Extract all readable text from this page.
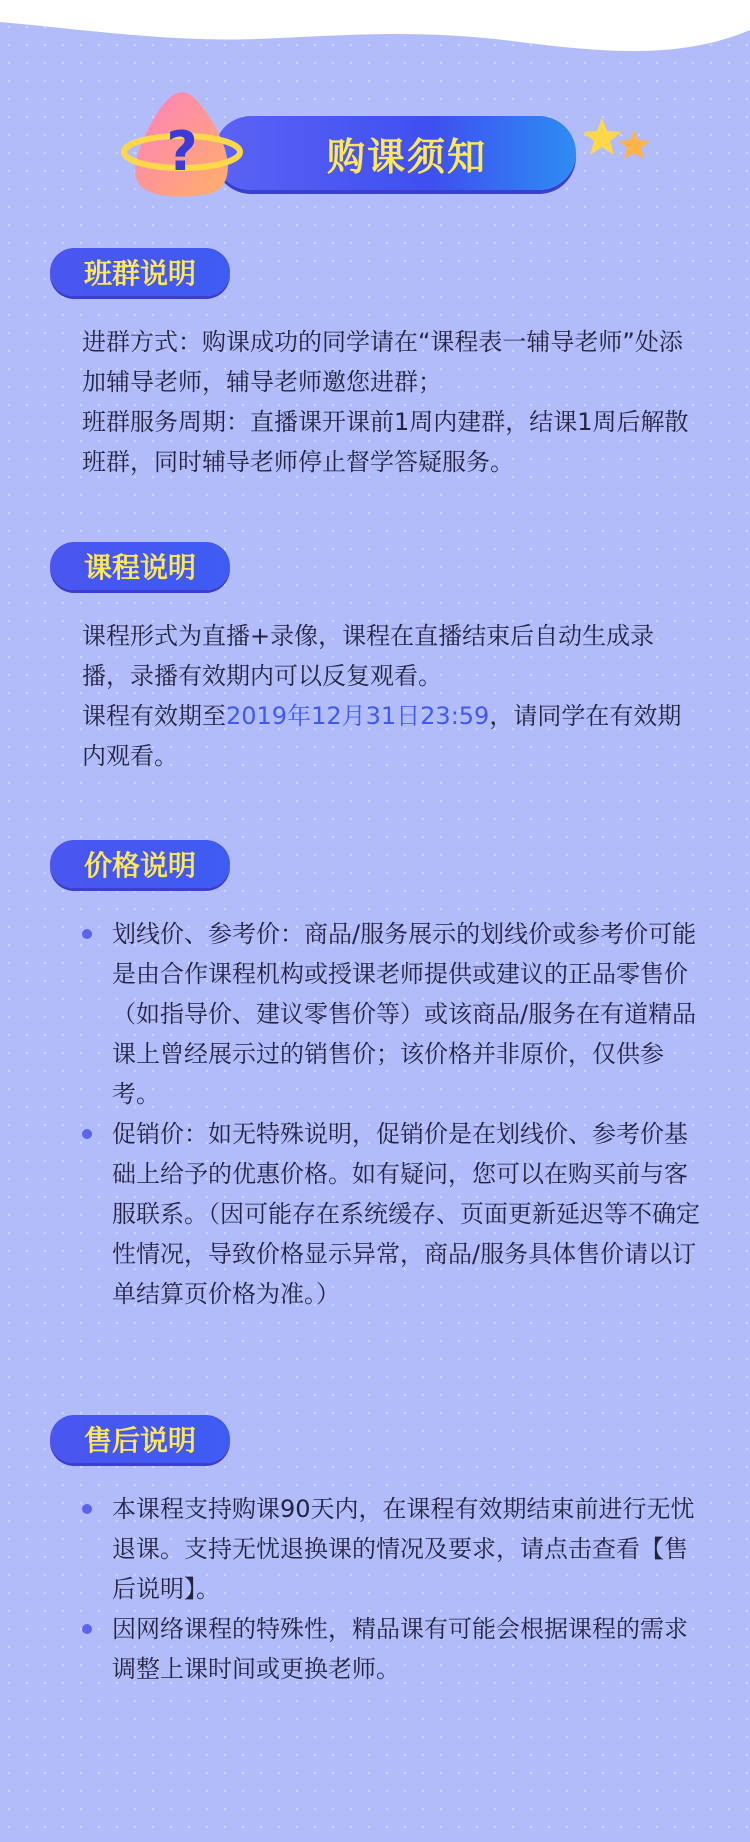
购课须知
?
班群说明

进群方式：购课成功的同学请在“课程表一辅导老师”处添加辅导老师，辅导老师邀您进群；

班群服务周期：直播课开课前1周内建群，结课1周后解散班群，同时辅导老师停止督学答疑服务。

课程说明

课程形式为直播+录像，课程在直播结束后自动生成录播，录播有效期内可以反复观看。

课程有效期至2019年12月31日23:59，请同学在有效期内观看。

价格说明

划线价、参考价：商品/服务展示的划线价或参考价可能是由合作课程机构或授课老师提供或建议的正品零售价（如指导价、建议零售价等）或该商品/服务在有道精品课上曾经展示过的销售价；该价格并非原价，仅供参考。

促销价：如无特殊说明，促销价是在划线价、参考价基础上给予的优惠价格。如有疑问，您可以在购买前与客服联系。（因可能存在系统缓存、页面更新延迟等不确定性情况，导致价格显示异常，商品/服务具体售价请以订单结算页价格为准。）

售后说明

本课程支持购课90天内，在课程有效期结束前进行无忧退课。支持无忧退换课的情况及要求，请点击查看【售后说明】。

因网络课程的特殊性，精品课有可能会根据课程的需求调整上课时间或更换老师。
